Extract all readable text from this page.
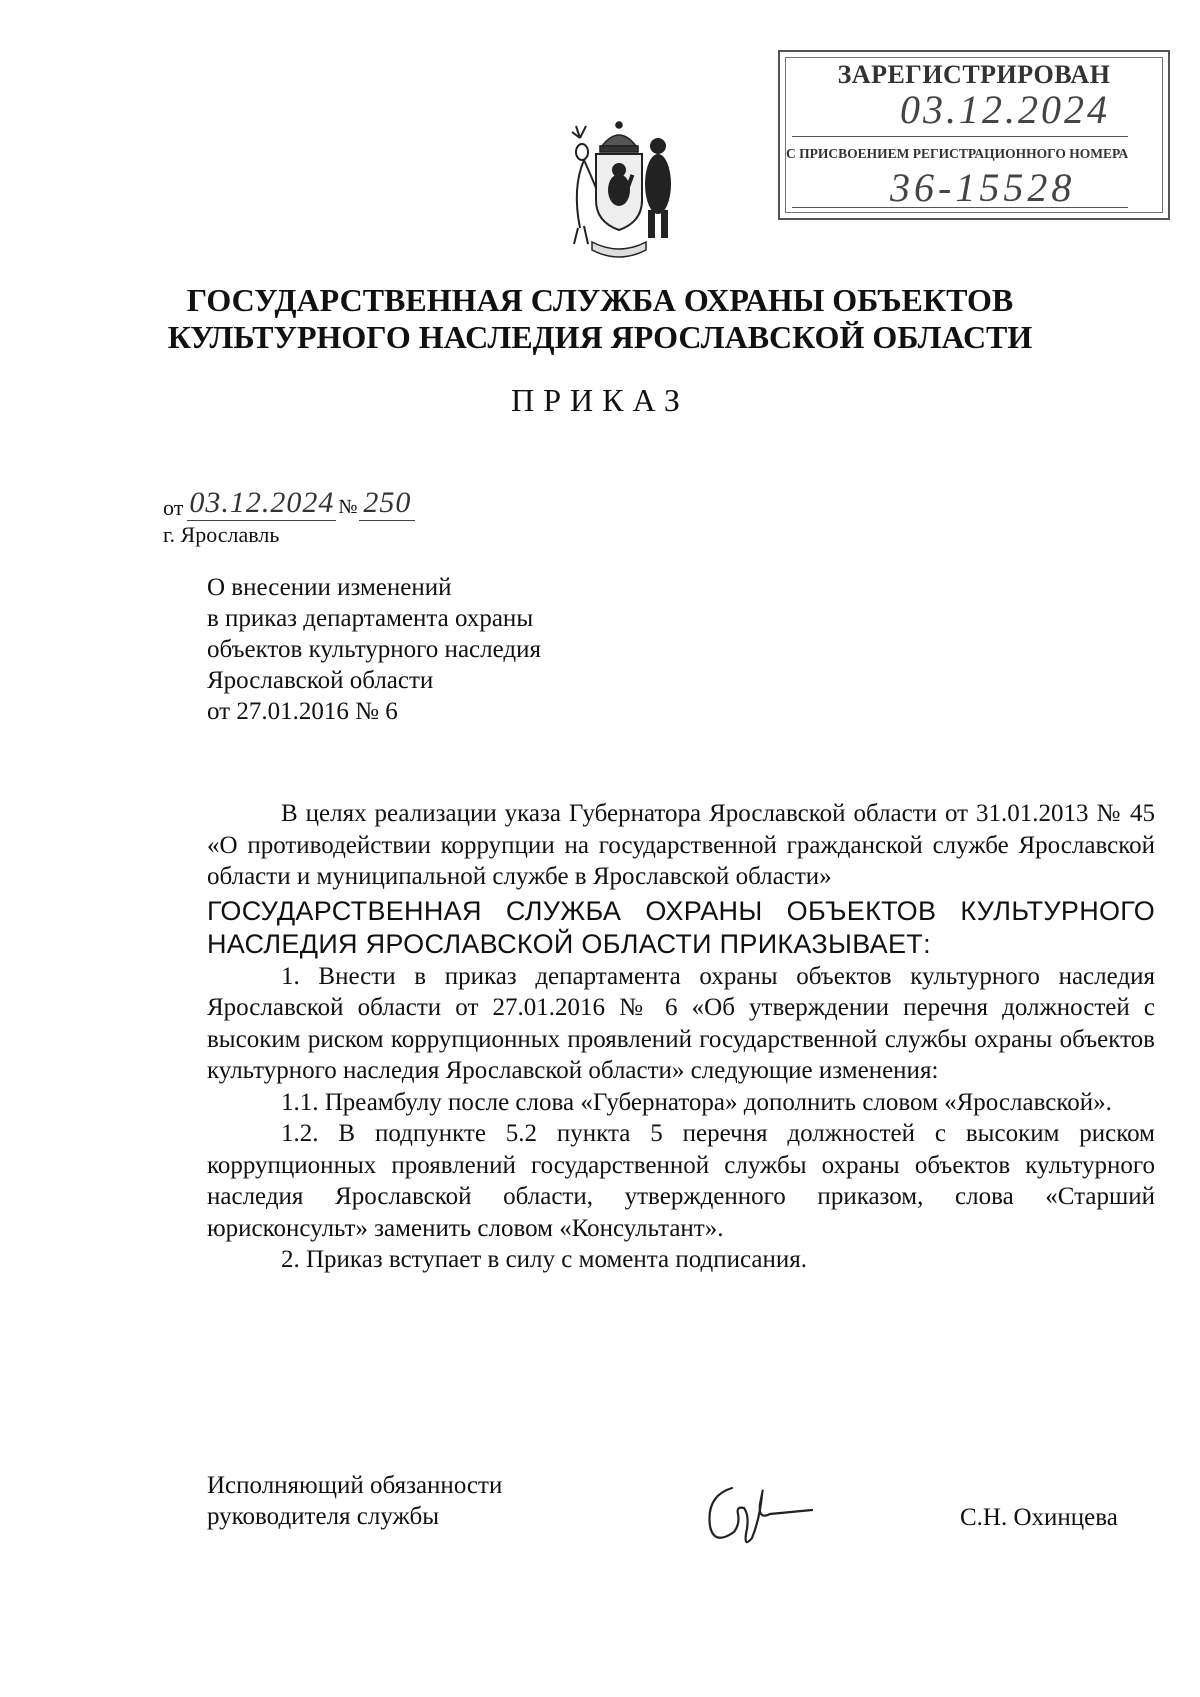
ЗАРЕГИСТРИРОВАН
03.12.2024
С ПРИСВОЕНИЕМ РЕГИСТРАЦИОННОГО НОМЕРА
36-15528
ГОСУДАРСТВЕННАЯ СЛУЖБА ОХРАНЫ ОБЪЕКТОВ
КУЛЬТУРНОГО НАСЛЕДИЯ ЯРОСЛАВСКОЙ ОБЛАСТИ
ПРИКАЗ
от 03.12.2024 № 250
г. Ярославль
О внесении изменений
в приказ департамента охраны
объектов культурного наследия
Ярославской области
от 27.01.2016 № 6

В целях реализации указа Губернатора Ярославской области от 31.01.2013 № 45 «О противодействии коррупции на государственной гражданской службе Ярославской области и муниципальной службе в Ярославской области»

ГОСУДАРСТВЕННАЯ СЛУЖБА ОХРАНЫ ОБЪЕКТОВ КУЛЬТУРНОГО НАСЛЕДИЯ ЯРОСЛАВСКОЙ ОБЛАСТИ ПРИКАЗЫВАЕТ:

1. Внести в приказ департамента охраны объектов культурного наследия Ярославской области от 27.01.2016 № 6 «Об утверждении перечня должностей с высоким риском коррупционных проявлений государственной службы охраны объектов культурного наследия Ярославской области» следующие изменения:

1.1. Преамбулу после слова «Губернатора» дополнить словом «Ярославской».

1.2. В подпункте 5.2 пункта 5 перечня должностей с высоким риском коррупционных проявлений государственной службы охраны объектов культурного наследия Ярославской области, утвержденного приказом, слова «Старший юрисконсульт» заменить словом «Консультант».

2. Приказ вступает в силу с момента подписания.

Исполняющий обязанности
руководителя службы	С.Н. Охинцева
